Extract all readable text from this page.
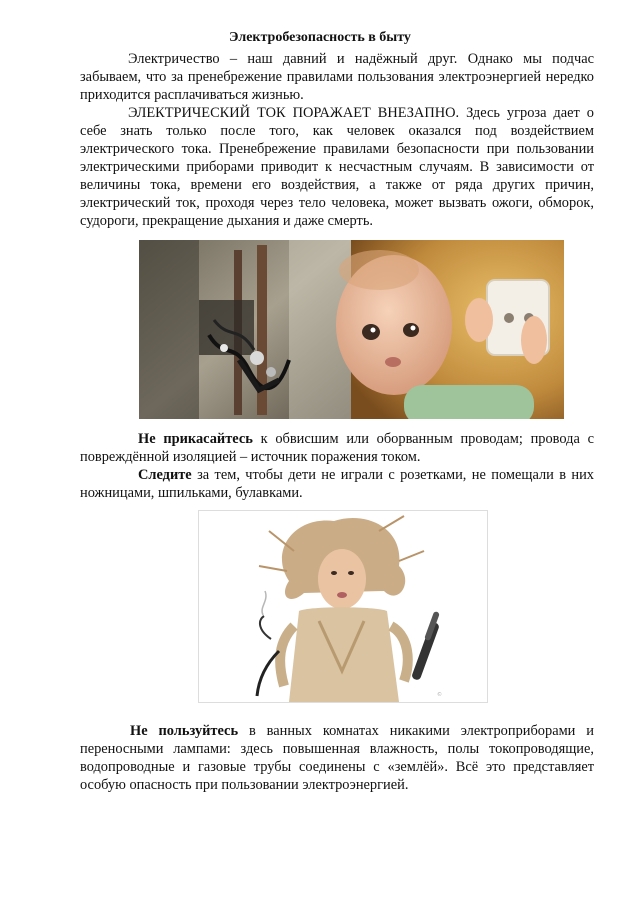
Электробезопасность в быту

Электричество – наш давний и надёжный друг. Однако мы подчас забываем, что за пренебрежение правилами пользования электроэнергией нередко приходится расплачиваться жизнью.

ЭЛЕКТРИЧЕСКИЙ ТОК ПОРАЖАЕТ ВНЕЗАПНО. Здесь угроза дает о себе знать только после того, как человек оказался под воздействием электрического тока. Пренебрежение правилами безопасности при пользовании электрическими приборами приводит к несчастным случаям. В зависимости от величины тока, времени его воздействия, а также от ряда других причин, электрический ток, проходя через тело человека, может вызвать ожоги, обморок, судороги, прекращение дыхания и даже смерть.

Не прикасайтесь к обвисшим или оборванным проводам; провода с повреждённой изоляцией – источник поражения током.

Следите за тем, чтобы дети не играли с розетками, не помещали в них ножницами, шпильками, булавками.

©

Не пользуйтесь в ванных комнатах никакими электроприборами и переносными лампами: здесь повышенная влажность, полы токопроводящие, водопроводные и газовые трубы соединены с «землёй». Всё это представляет особую опасность при пользовании электроэнергией.
